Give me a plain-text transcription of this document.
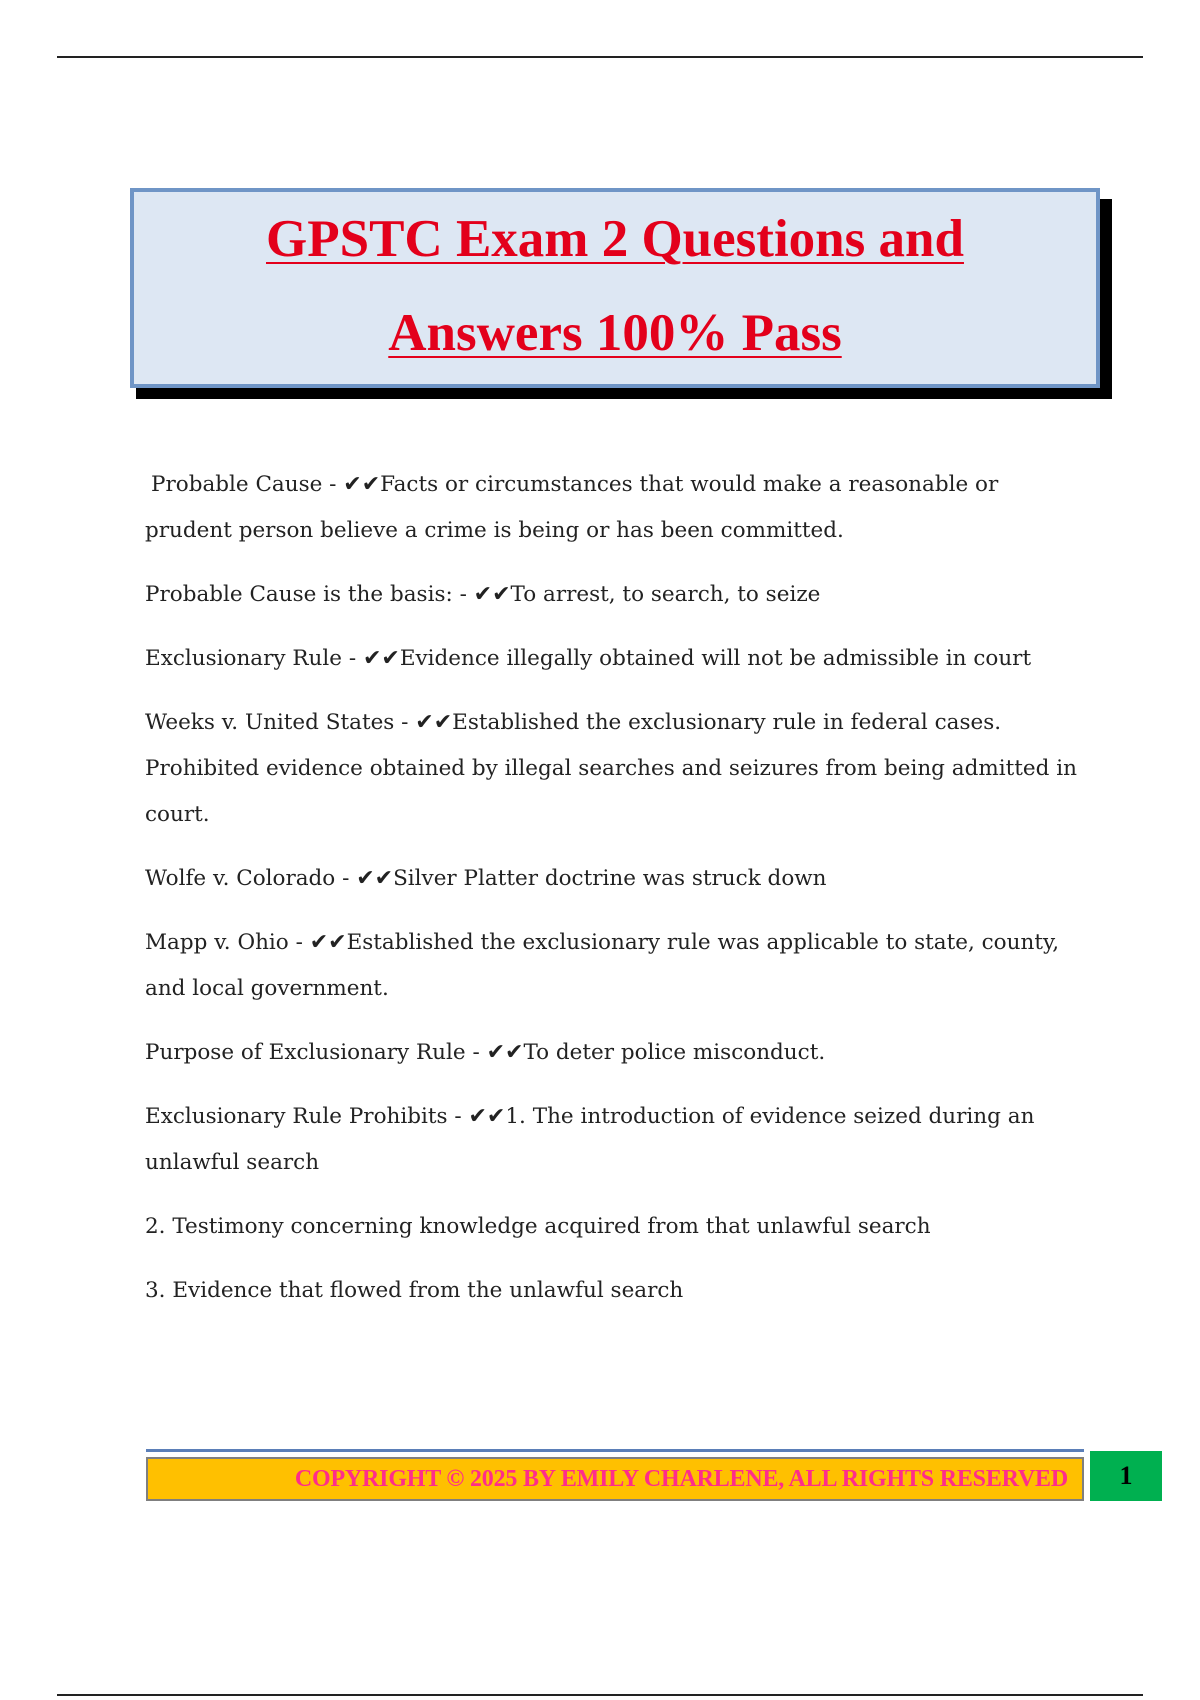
GPSTC Exam 2 Questions and
Answers 100% Pass

Probable Cause - ✔✔Facts or circumstances that would make a reasonable or prudent person believe a crime is being or has been committed.

Probable Cause is the basis: - ✔✔To arrest, to search, to seize

Exclusionary Rule - ✔✔Evidence illegally obtained will not be admissible in court

Weeks v. United States - ✔✔Established the exclusionary rule in federal cases. Prohibited evidence obtained by illegal searches and seizures from being admitted in court.

Wolfe v. Colorado - ✔✔Silver Platter doctrine was struck down

Mapp v. Ohio - ✔✔Established the exclusionary rule was applicable to state, county, and local government.

Purpose of Exclusionary Rule - ✔✔To deter police misconduct.

Exclusionary Rule Prohibits - ✔✔1. The introduction of evidence seized during an unlawful search

2. Testimony concerning knowledge acquired from that unlawful search

3. Evidence that flowed from the unlawful search

COPYRIGHT © 2025 BY EMILY CHARLENE, ALL RIGHTS RESERVED	1
